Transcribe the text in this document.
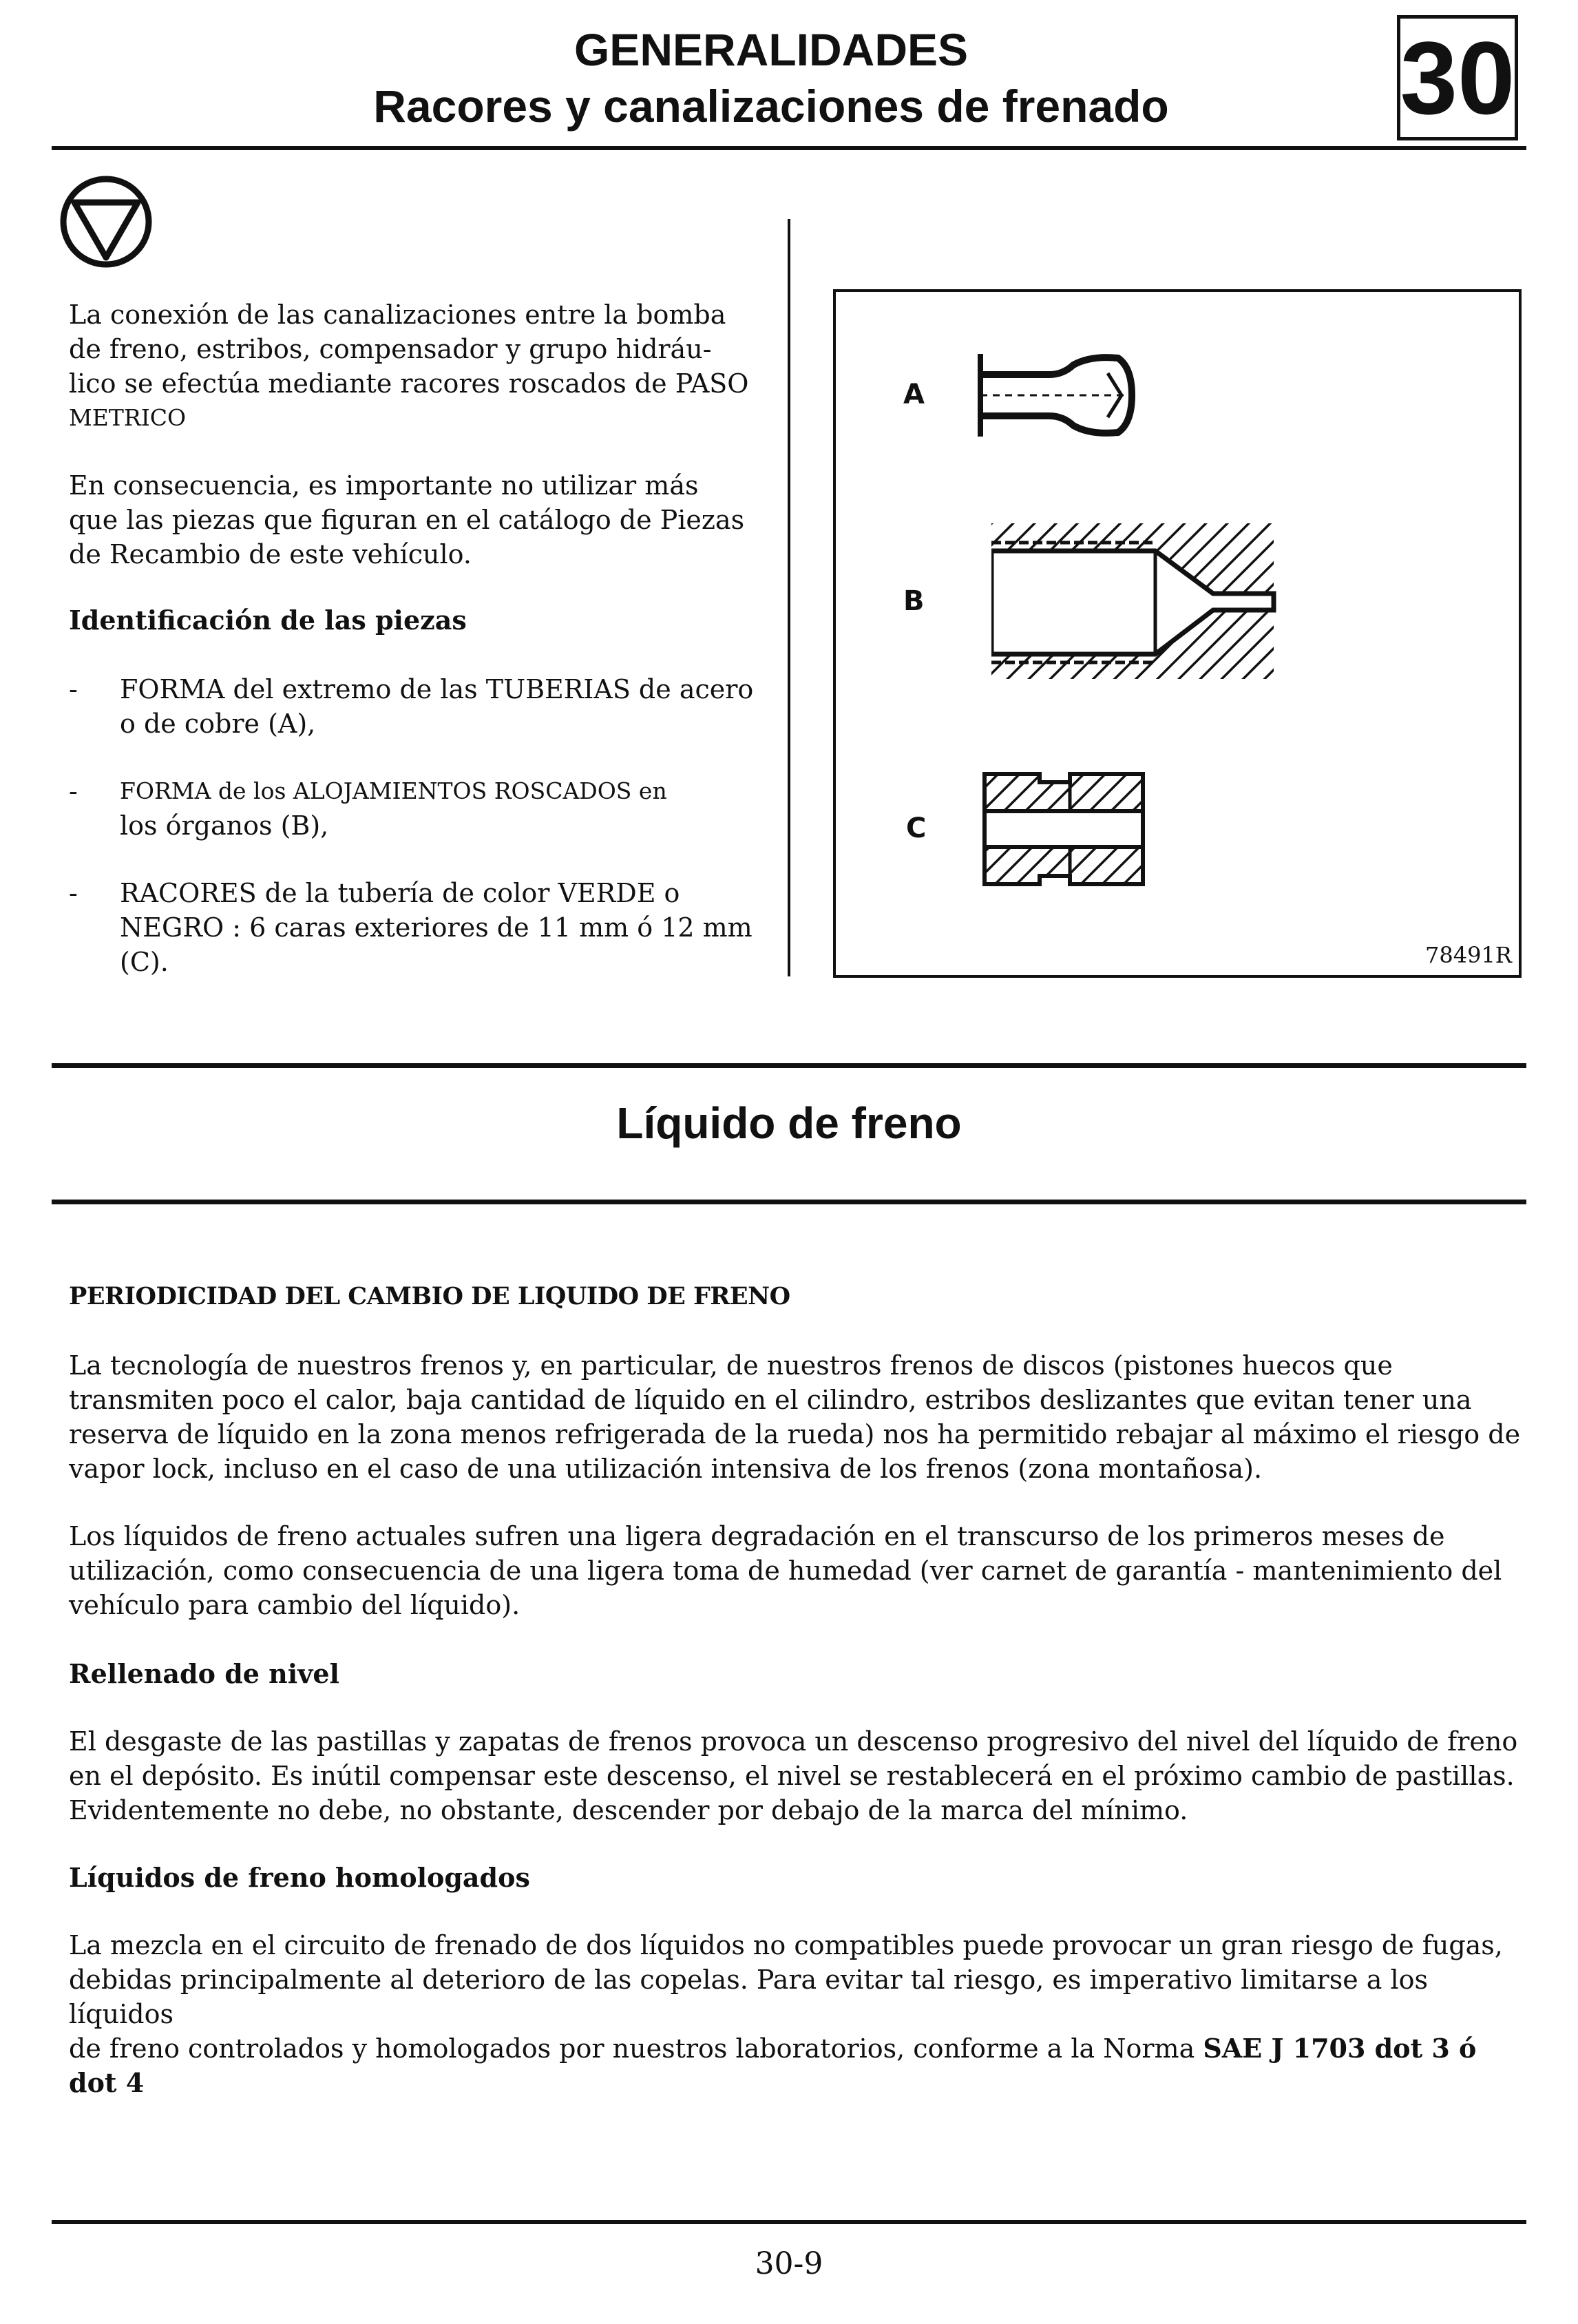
GENERALIDADES
Racores y canalizaciones de frenado	30
La conexión de las canalizaciones entre la bomba
de freno, estribos, compensador y grupo hidráu-
lico se efectúa mediante racores roscados de PASO
METRICO
En consecuencia, es importante no utilizar más
que las piezas que figuran en el catálogo de Piezas
de Recambio de este vehículo.
Identificación de las piezas
- FORMA del extremo de las TUBERIAS de acero
o de cobre (A),
- FORMA de los ALOJAMIENTOS ROSCADOS en
los órganos (B),
- RACORES de la tubería de color VERDE o
NEGRO : 6 caras exteriores de 11 mm ó 12 mm
(C).
A
B
C
78491R
Líquido de freno
PERIODICIDAD DEL CAMBIO DE LIQUIDO DE FRENO
La tecnología de nuestros frenos y, en particular, de nuestros frenos de discos (pistones huecos que
transmiten poco el calor, baja cantidad de líquido en el cilindro, estribos deslizantes que evitan tener una
reserva de líquido en la zona menos refrigerada de la rueda) nos ha permitido rebajar al máximo el riesgo de
vapor lock, incluso en el caso de una utilización intensiva de los frenos (zona montañosa).
Los líquidos de freno actuales sufren una ligera degradación en el transcurso de los primeros meses de
utilización, como consecuencia de una ligera toma de humedad (ver carnet de garantía - mantenimiento del
vehículo para cambio del líquido).
Rellenado de nivel
El desgaste de las pastillas y zapatas de frenos provoca un descenso progresivo del nivel del líquido de freno
en el depósito. Es inútil compensar este descenso, el nivel se restablecerá en el próximo cambio de pastillas.
Evidentemente no debe, no obstante, descender por debajo de la marca del mínimo.
Líquidos de freno homologados
La mezcla en el circuito de frenado de dos líquidos no compatibles puede provocar un gran riesgo de fugas,
debidas principalmente al deterioro de las copelas. Para evitar tal riesgo, es imperativo limitarse a los líquidos
de freno controlados y homologados por nuestros laboratorios, conforme a la Norma SAE J 1703 dot 3 ó dot 4
30-9
